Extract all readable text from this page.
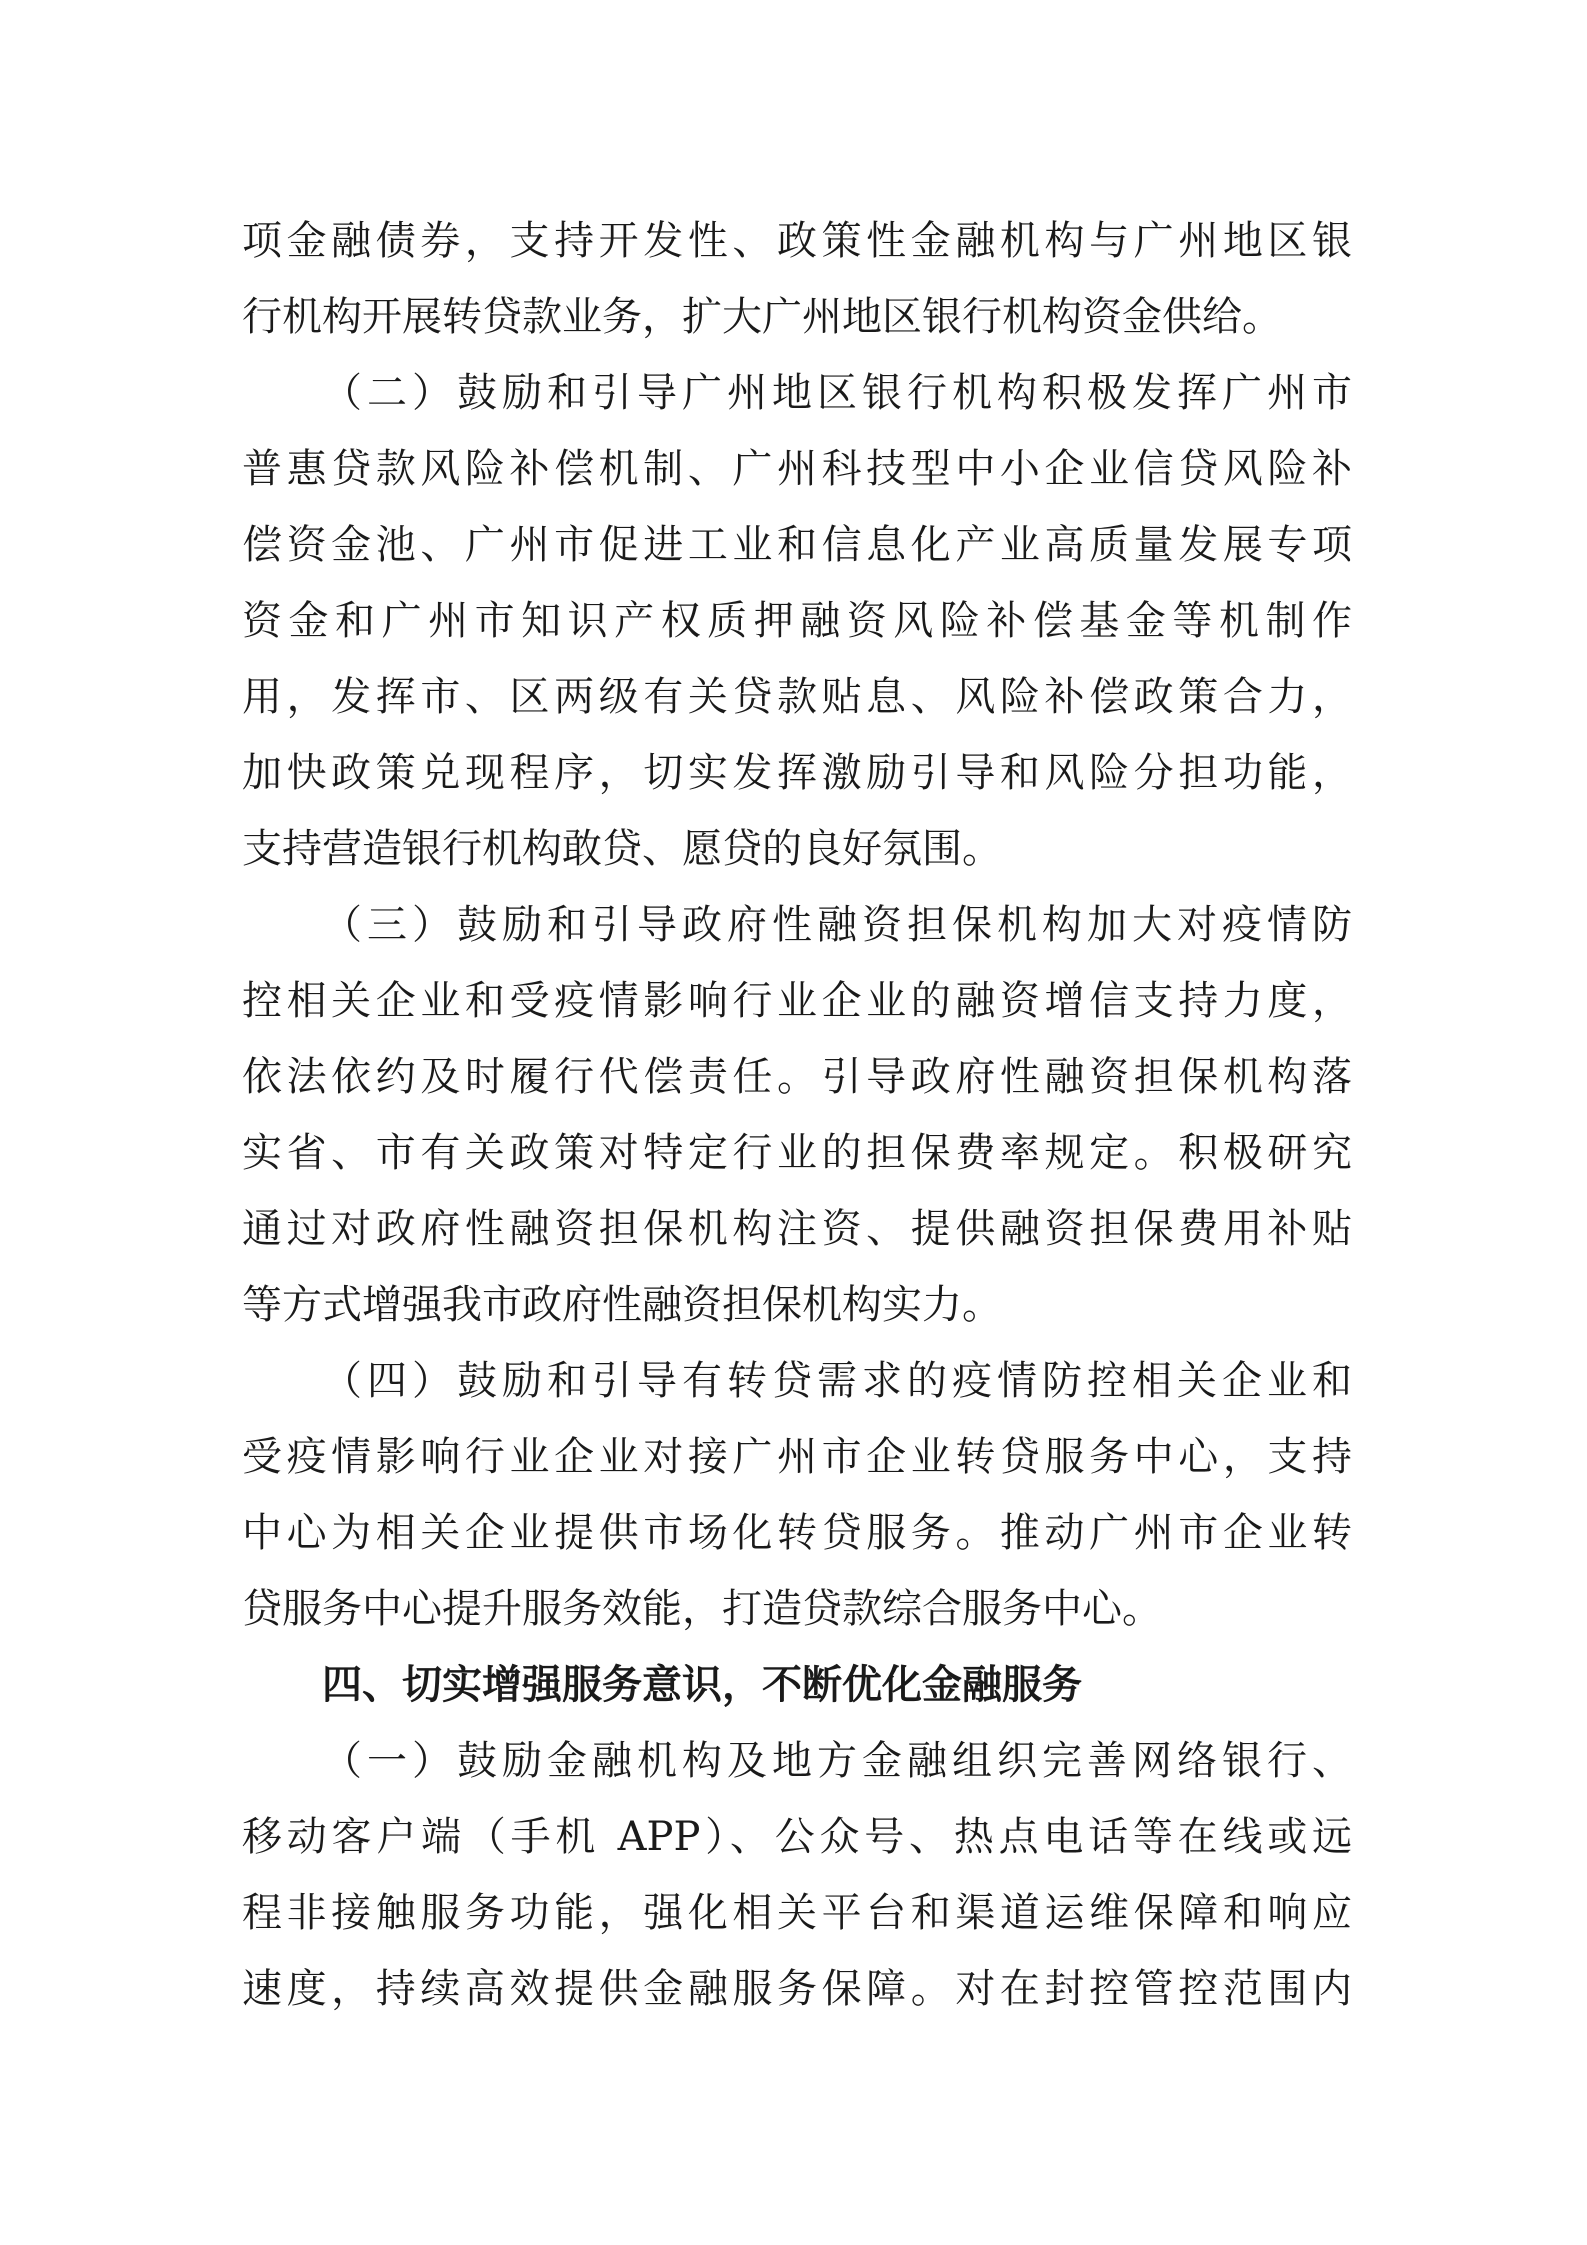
项金融债券，支持开发性、政策性金融机构与广州地区银

行机构开展转贷款业务，扩大广州地区银行机构资金供给。

（二）鼓励和引导广州地区银行机构积极发挥广州市

普惠贷款风险补偿机制、广州科技型中小企业信贷风险补

偿资金池、广州市促进工业和信息化产业高质量发展专项

资金和广州市知识产权质押融资风险补偿基金等机制作

用，发挥市、区两级有关贷款贴息、风险补偿政策合力，

加快政策兑现程序，切实发挥激励引导和风险分担功能，

支持营造银行机构敢贷、愿贷的良好氛围。

（三）鼓励和引导政府性融资担保机构加大对疫情防

控相关企业和受疫情影响行业企业的融资增信支持力度，

依法依约及时履行代偿责任。引导政府性融资担保机构落

实省、市有关政策对特定行业的担保费率规定。积极研究

通过对政府性融资担保机构注资、提供融资担保费用补贴

等方式增强我市政府性融资担保机构实力。

（四）鼓励和引导有转贷需求的疫情防控相关企业和

受疫情影响行业企业对接广州市企业转贷服务中心，支持

中心为相关企业提供市场化转贷服务。推动广州市企业转

贷服务中心提升服务效能，打造贷款综合服务中心。

四、切实增强服务意识，不断优化金融服务

（一）鼓励金融机构及地方金融组织完善网络银行、

移动客户端（手机 APP）、公众号、热点电话等在线或远

程非接触服务功能，强化相关平台和渠道运维保障和响应

速度，持续高效提供金融服务保障。对在封控管控范围内
